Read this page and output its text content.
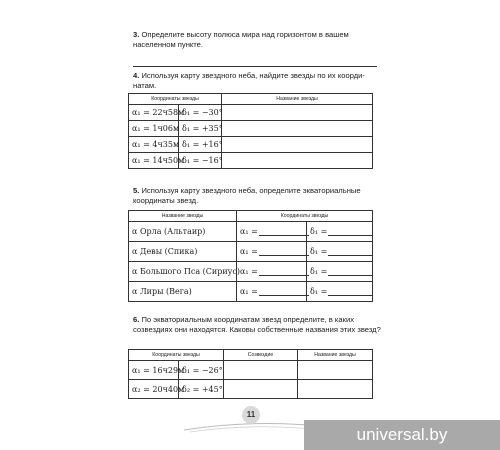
3. Определите высоту полюса мира над горизонтом в вашем населенном пункте.
4. Используя карту звездного неба, найдите звезды по их коорди-натам.
Координаты звезды		Название звезды
α₁ = 22ч58м	δ₁ = −30°	
α₁ = 1ч06м	δ₁ = +35°	
α₁ = 4ч35м	δ₁ = +16°	
α₁ = 14ч50м	δ₁ = −16°	
5. Используя карту звездного неба, определите экваториальные координаты звезд.
Название звезды	Координаты звезды	
α Орла (Альтаир)	α₁ =	δ₁ =
α Девы (Спика)	α₁ =	δ₁ =
α Большого Пса (Сириус)	α₁ =	δ₁ =
α Лиры (Вега)	α₁ =	δ₁ =
6. По экваториальным координатам звезд определите, в каких созвездиях они находятся. Каковы собственные названия этих звезд?
Координаты звезды		Созвездие	Название звезды
α₁ = 16ч29м	δ₁ = −26°		
α₂ = 20ч40м	δ₂ = +45°		
11
universal.by
